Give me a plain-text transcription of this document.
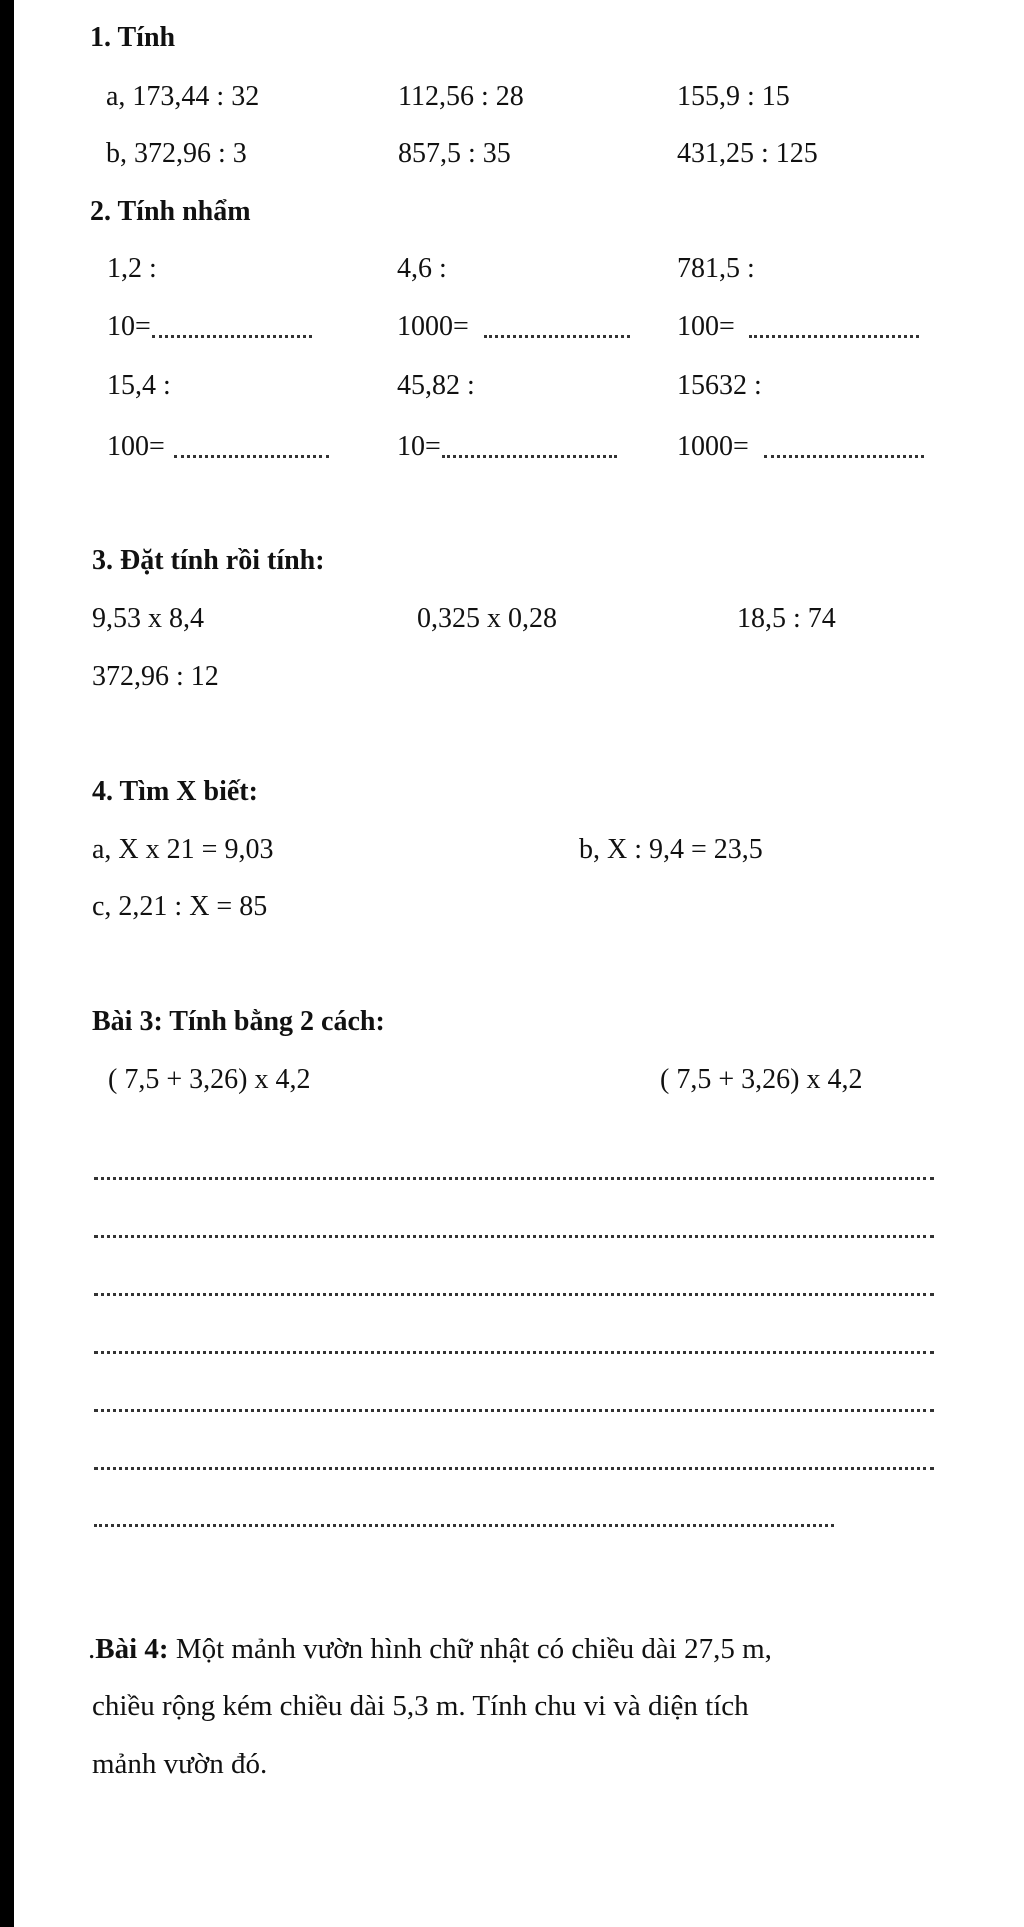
1. Tính
a, 173,44 : 32	112,56 : 28	155,9 : 15
b, 372,96 : 3	857,5 : 35	431,25 : 125
2. Tính nhẩm
1,2 :	4,6 :	781,5 :
10=	1000=	100=
15,4 :	45,82 :	15632 :
100=	10=	1000=
3. Đặt tính rồi tính:
9,53 x 8,4	0,325 x 0,28	18,5 : 74
372,96 : 12
4. Tìm X biết:
a, X x 21 = 9,03	b, X : 9,4 = 23,5
c, 2,21 : X = 85
Bài 3: Tính bằng 2 cách:
( 7,5 + 3,26) x 4,2	( 7,5 + 3,26) x 4,2
.Bài 4: Một mảnh vườn hình chữ nhật có chiều dài 27,5 m,
chiều rộng kém chiều dài 5,3 m. Tính chu vi và diện tích
mảnh vườn đó.
